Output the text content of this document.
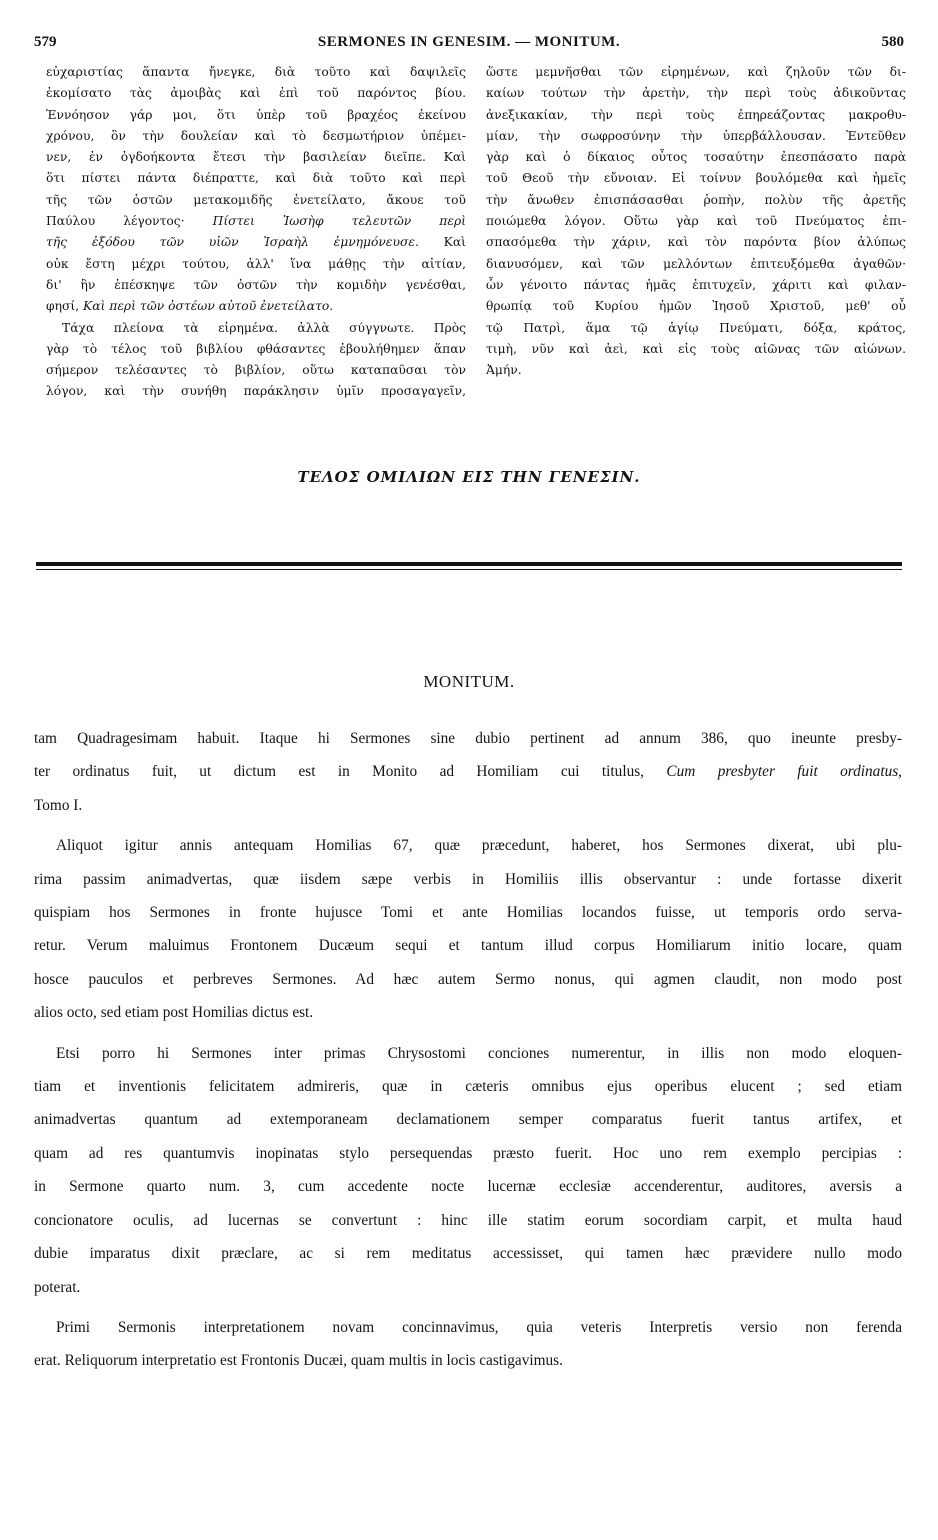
579	SERMONES IN GENESIM. — MONITUM.	580

εὐχαριστίας ἅπαντα ἤνεγκε, διὰ τοῦτο καὶ δαψιλεῖς
ἐκομίσατο τὰς ἀμοιβὰς καὶ ἐπὶ τοῦ παρόντος βίου.
Ἐννόησον γάρ μοι, ὅτι ὑπὲρ τοῦ βραχέος ἐκείνου
χρόνου, ὃν τὴν δουλείαν καὶ τὸ δεσμωτήριον ὑπέμει-
νεν, ἐν ὀγδοήκοντα ἔτεσι τὴν βασιλείαν διεῖπε. Καὶ
ὅτι πίστει πάντα διέπραττε, καὶ διὰ τοῦτο καὶ περὶ
τῆς τῶν ὀστῶν μετακομιδῆς ἐνετείλατο, ἄκουε τοῦ
Παύλου λέγοντος· Πίστει Ἰωσὴφ τελευτῶν περὶ
τῆς ἐξόδου τῶν υἱῶν Ἰσραὴλ ἐμνημόνευσε. Καὶ
οὐκ ἔστη μέχρι τούτου, ἀλλ' ἵνα μάθῃς τὴν αἰτίαν,
δι' ἣν ἐπέσκηψε τῶν ὀστῶν τὴν κομιδὴν γενέσθαι,
φησί, Καὶ περὶ τῶν ὀστέων αὐτοῦ ἐνετείλατο.

Τάχα πλείονα τὰ εἰρημένα. ἀλλὰ σύγγνωτε. Πρὸς
γὰρ τὸ τέλος τοῦ βιβλίου φθάσαντες ἐβουλήθημεν ἅπαν
σήμερον τελέσαντες τὸ βιβλίον, οὕτω καταπαῦσαι τὸν
λόγον, καὶ τὴν συνήθη παράκλησιν ὑμῖν προσαγαγεῖν,

ὥστε μεμνῆσθαι τῶν εἰρημένων, καὶ ζηλοῦν τῶν δι-
καίων τούτων τὴν ἀρετὴν, τὴν περὶ τοὺς ἀδικοῦντας
ἀνεξικακίαν, τὴν περὶ τοὺς ἐπηρεάζοντας μακροθυ-
μίαν, τὴν σωφροσύνην τὴν ὑπερβάλλουσαν. Ἐντεῦθεν
γὰρ καὶ ὁ δίκαιος οὗτος τοσαύτην ἐπεσπάσατο παρὰ
τοῦ Θεοῦ τὴν εὔνοιαν. Εἰ τοίνυν βουλόμεθα καὶ ἡμεῖς
τὴν ἄνωθεν ἐπισπάσασθαι ῥοπὴν, πολὺν τῆς ἀρετῆς
ποιώμεθα λόγον. Οὕτω γὰρ καὶ τοῦ Πνεύματος ἐπι-
σπασόμεθα τὴν χάριν, καὶ τὸν παρόντα βίον ἀλύπως
διανυσόμεν, καὶ τῶν μελλόντων ἐπιτευξόμεθα ἀγαθῶν·
ὧν γένοιτο πάντας ἡμᾶς ἐπιτυχεῖν, χάριτι καὶ φιλαν-
θρωπίᾳ τοῦ Κυρίου ἡμῶν Ἰησοῦ Χριστοῦ, μεθ' οὗ
τῷ Πατρὶ, ἅμα τῷ ἁγίῳ Πνεύματι, δόξα, κράτος,
τιμὴ, νῦν καὶ ἀεὶ, καὶ εἰς τοὺς αἰῶνας τῶν αἰώνων.
Ἀμήν.

ΤΕΛΟΣ ΟΜΙΛΙΩΝ ΕΙΣ ΤΗΝ ΓΕΝΕΣΙΝ.
MONITUM.

tam Quadragesimam habuit. Itaque hi Sermones sine dubio pertinent ad annum 386, quo ineunte presby-
ter ordinatus fuit, ut dictum est in Monito ad Homiliam cui titulus, Cum presbyter fuit ordinatus,
Tomo I.

Aliquot igitur annis antequam Homilias 67, quæ præcedunt, haberet, hos Sermones dixerat, ubi plu-
rima passim animadvertas, quæ iisdem sæpe verbis in Homiliis illis observantur : unde fortasse dixerit
quispiam hos Sermones in fronte hujusce Tomi et ante Homilias locandos fuisse, ut temporis ordo serva-
retur. Verum maluimus Frontonem Ducæum sequi et tantum illud corpus Homiliarum initio locare, quam
hosce pauculos et perbreves Sermones. Ad hæc autem Sermo nonus, qui agmen claudit, non modo post
alios octo, sed etiam post Homilias dictus est.

Etsi porro hi Sermones inter primas Chrysostomi conciones numerentur, in illis non modo eloquen-
tiam et inventionis felicitatem admireris, quæ in cæteris omnibus ejus operibus elucent ; sed etiam
animadvertas quantum ad extemporaneam declamationem semper comparatus fuerit tantus artifex, et
quam ad res quantumvis inopinatas stylo persequendas præsto fuerit. Hoc uno rem exemplo percipias :
in Sermone quarto num. 3, cum accedente nocte lucernæ ecclesiæ accenderentur, auditores, aversis a
concionatore oculis, ad lucernas se convertunt : hinc ille statim eorum socordiam carpit, et multa haud
dubie imparatus dixit præclare, ac si rem meditatus accessisset, qui tamen hæc prævidere nullo modo
poterat.

Primi Sermonis interpretationem novam concinnavimus, quia veteris Interpretis versio non ferenda
erat. Reliquorum interpretatio est Frontonis Ducæi, quam multis in locis castigavimus.
